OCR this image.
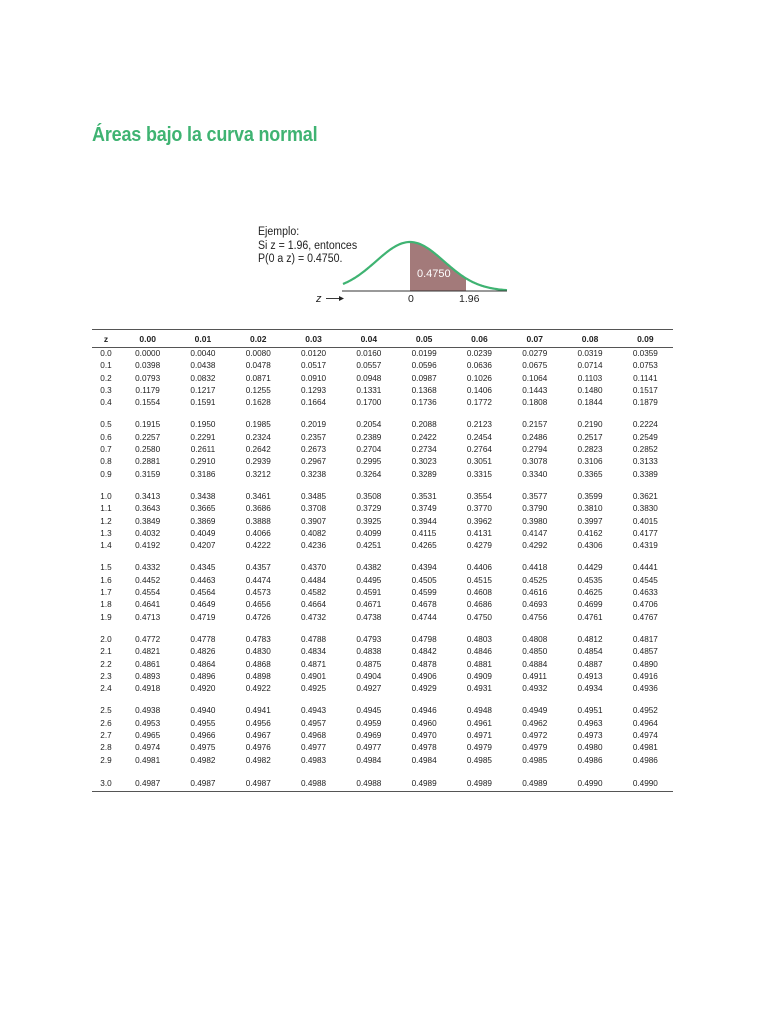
Áreas bajo la curva normal
Ejemplo:
Si z = 1.96, entonces
P(0 a z) = 0.4750.
0.4750
z	0	1.96
z	0.00	0.01	0.02	0.03	0.04	0.05	0.06	0.07	0.08	0.09
0.0	0.0000	0.0040	0.0080	0.0120	0.0160	0.0199	0.0239	0.0279	0.0319	0.0359
0.1	0.0398	0.0438	0.0478	0.0517	0.0557	0.0596	0.0636	0.0675	0.0714	0.0753
0.2	0.0793	0.0832	0.0871	0.0910	0.0948	0.0987	0.1026	0.1064	0.1103	0.1141
0.3	0.1179	0.1217	0.1255	0.1293	0.1331	0.1368	0.1406	0.1443	0.1480	0.1517
0.4	0.1554	0.1591	0.1628	0.1664	0.1700	0.1736	0.1772	0.1808	0.1844	0.1879

0.5	0.1915	0.1950	0.1985	0.2019	0.2054	0.2088	0.2123	0.2157	0.2190	0.2224
0.6	0.2257	0.2291	0.2324	0.2357	0.2389	0.2422	0.2454	0.2486	0.2517	0.2549
0.7	0.2580	0.2611	0.2642	0.2673	0.2704	0.2734	0.2764	0.2794	0.2823	0.2852
0.8	0.2881	0.2910	0.2939	0.2967	0.2995	0.3023	0.3051	0.3078	0.3106	0.3133
0.9	0.3159	0.3186	0.3212	0.3238	0.3264	0.3289	0.3315	0.3340	0.3365	0.3389

1.0	0.3413	0.3438	0.3461	0.3485	0.3508	0.3531	0.3554	0.3577	0.3599	0.3621
1.1	0.3643	0.3665	0.3686	0.3708	0.3729	0.3749	0.3770	0.3790	0.3810	0.3830
1.2	0.3849	0.3869	0.3888	0.3907	0.3925	0.3944	0.3962	0.3980	0.3997	0.4015
1.3	0.4032	0.4049	0.4066	0.4082	0.4099	0.4115	0.4131	0.4147	0.4162	0.4177
1.4	0.4192	0.4207	0.4222	0.4236	0.4251	0.4265	0.4279	0.4292	0.4306	0.4319

1.5	0.4332	0.4345	0.4357	0.4370	0.4382	0.4394	0.4406	0.4418	0.4429	0.4441
1.6	0.4452	0.4463	0.4474	0.4484	0.4495	0.4505	0.4515	0.4525	0.4535	0.4545
1.7	0.4554	0.4564	0.4573	0.4582	0.4591	0.4599	0.4608	0.4616	0.4625	0.4633
1.8	0.4641	0.4649	0.4656	0.4664	0.4671	0.4678	0.4686	0.4693	0.4699	0.4706
1.9	0.4713	0.4719	0.4726	0.4732	0.4738	0.4744	0.4750	0.4756	0.4761	0.4767

2.0	0.4772	0.4778	0.4783	0.4788	0.4793	0.4798	0.4803	0.4808	0.4812	0.4817
2.1	0.4821	0.4826	0.4830	0.4834	0.4838	0.4842	0.4846	0.4850	0.4854	0.4857
2.2	0.4861	0.4864	0.4868	0.4871	0.4875	0.4878	0.4881	0.4884	0.4887	0.4890
2.3	0.4893	0.4896	0.4898	0.4901	0.4904	0.4906	0.4909	0.4911	0.4913	0.4916
2.4	0.4918	0.4920	0.4922	0.4925	0.4927	0.4929	0.4931	0.4932	0.4934	0.4936

2.5	0.4938	0.4940	0.4941	0.4943	0.4945	0.4946	0.4948	0.4949	0.4951	0.4952
2.6	0.4953	0.4955	0.4956	0.4957	0.4959	0.4960	0.4961	0.4962	0.4963	0.4964
2.7	0.4965	0.4966	0.4967	0.4968	0.4969	0.4970	0.4971	0.4972	0.4973	0.4974
2.8	0.4974	0.4975	0.4976	0.4977	0.4977	0.4978	0.4979	0.4979	0.4980	0.4981
2.9	0.4981	0.4982	0.4982	0.4983	0.4984	0.4984	0.4985	0.4985	0.4986	0.4986

3.0	0.4987	0.4987	0.4987	0.4988	0.4988	0.4989	0.4989	0.4989	0.4990	0.4990
